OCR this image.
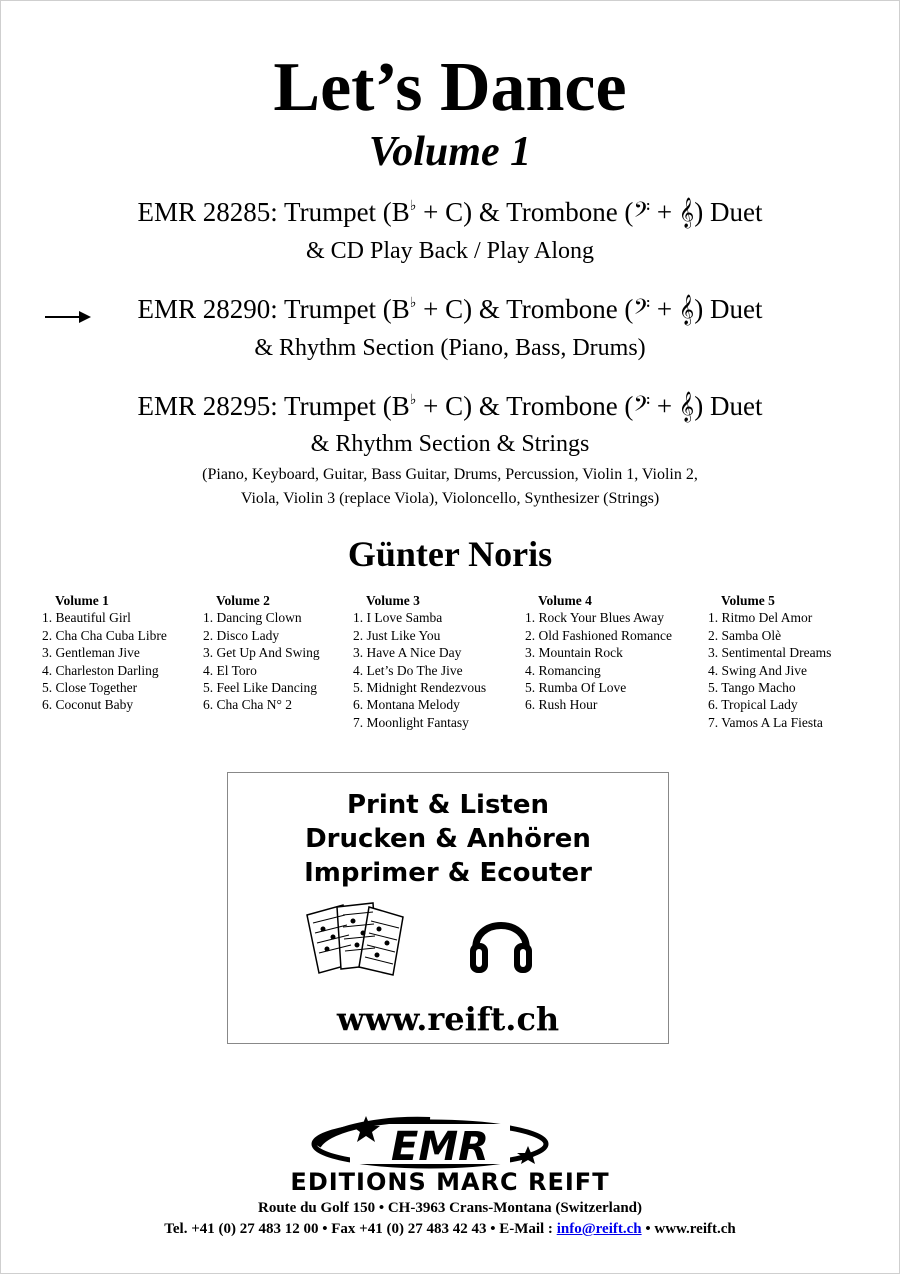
Let’s Dance
Volume 1
EMR 28285: Trumpet (B♭ + C) & Trombone (𝄢 + 𝄞) Duet
& CD Play Back / Play Along
EMR 28290: Trumpet (B♭ + C) & Trombone (𝄢 + 𝄞) Duet
& Rhythm Section (Piano, Bass, Drums)
EMR 28295: Trumpet (B♭ + C) & Trombone (𝄢 + 𝄞) Duet
& Rhythm Section & Strings
(Piano, Keyboard, Guitar, Bass Guitar, Drums, Percussion, Violin 1, Violin 2,
Viola, Violin 3 (replace Viola), Violoncello, Synthesizer (Strings)
Günter Noris
Volume 1
1. Beautiful Girl
2. Cha Cha Cuba Libre
3. Gentleman Jive
4. Charleston Darling
5. Close Together
6. Coconut Baby
Volume 2
1. Dancing Clown
2. Disco Lady
3. Get Up And Swing
4. El Toro
5. Feel Like Dancing
6. Cha Cha N° 2
Volume 3
1. I Love Samba
2. Just Like You
3. Have A Nice Day
4. Let’s Do The Jive
5. Midnight Rendezvous
6. Montana Melody
7. Moonlight Fantasy
Volume 4
1. Rock Your Blues Away
2. Old Fashioned Romance
3. Mountain Rock
4. Romancing
5. Rumba Of Love
6. Rush Hour
Volume 5
1. Ritmo Del Amor
2. Samba Olè
3. Sentimental Dreams
4. Swing And Jive
5. Tango Macho
6. Tropical Lady
7. Vamos A La Fiesta
Print & Listen
Drucken & Anhören
Imprimer & Ecouter
www.reift.ch
EMR
EDITIONS MARC REIFT
Route du Golf 150 • CH-3963 Crans-Montana (Switzerland)
Tel. +41 (0) 27 483 12 00 • Fax +41 (0) 27 483 42 43 • E-Mail : info@reift.ch • www.reift.ch
